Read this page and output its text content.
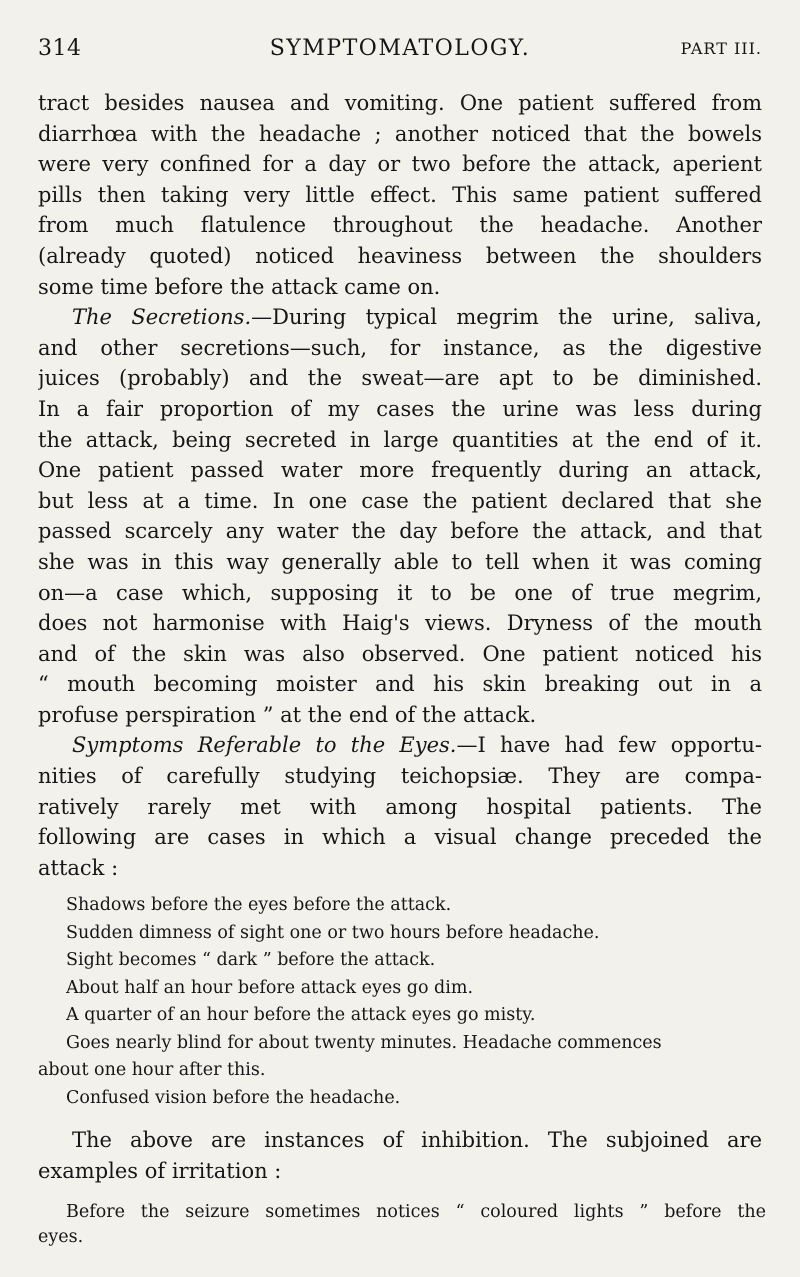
314	SYMPTOMATOLOGY.	PART III.
tract besides nausea and vomiting. One patient suffered from
diarrhœa with the headache ; another noticed that the bowels
were very confined for a day or two before the attack, aperient
pills then taking very little effect. This same patient suffered
from much flatulence throughout the headache. Another
(already quoted) noticed heaviness between the shoulders
some time before the attack came on.
The Secretions.—During typical megrim the urine, saliva,
and other secretions—such, for instance, as the digestive
juices (probably) and the sweat—are apt to be diminished.
In a fair proportion of my cases the urine was less during
the attack, being secreted in large quantities at the end of it.
One patient passed water more frequently during an attack,
but less at a time. In one case the patient declared that she
passed scarcely any water the day before the attack, and that
she was in this way generally able to tell when it was coming
on—a case which, supposing it to be one of true megrim,
does not harmonise with Haig's views. Dryness of the mouth
and of the skin was also observed. One patient noticed his
“ mouth becoming moister and his skin breaking out in a
profuse perspiration ” at the end of the attack.
Symptoms Referable to the Eyes.—I have had few opportu-
nities of carefully studying teichopsiæ. They are compa-
ratively rarely met with among hospital patients. The
following are cases in which a visual change preceded the
attack :
Shadows before the eyes before the attack.
Sudden dimness of sight one or two hours before headache.
Sight becomes “ dark ” before the attack.
About half an hour before attack eyes go dim.
A quarter of an hour before the attack eyes go misty.
Goes nearly blind for about twenty minutes. Headache commences
about one hour after this.
Confused vision before the headache.
The above are instances of inhibition. The subjoined are
examples of irritation :
Before the seizure sometimes notices “ coloured lights ” before the
eyes.
